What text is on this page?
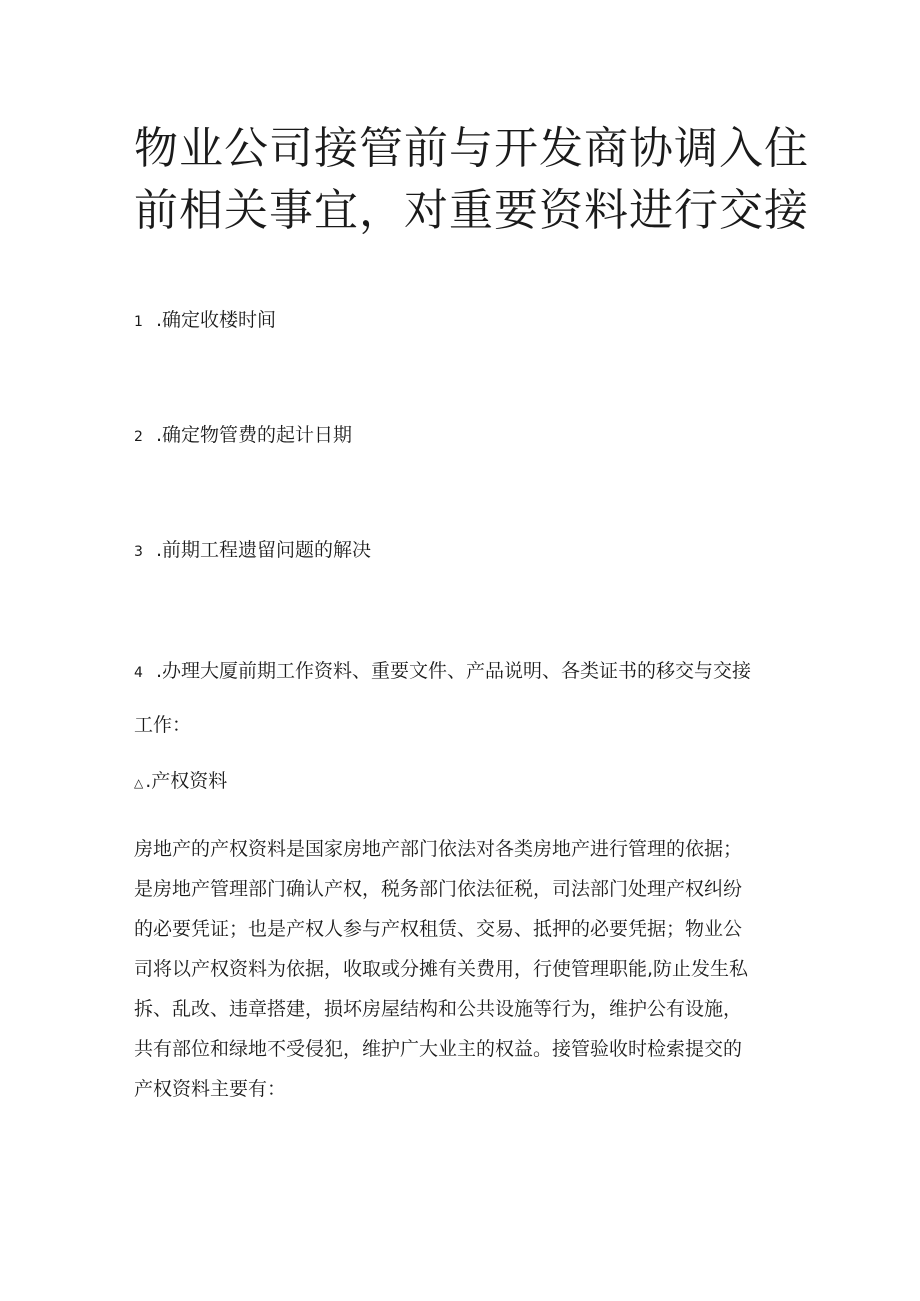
物业公司接管前与开发商协调入住
前相关事宜，对重要资料进行交接
1 .确定收楼时间
2 .确定物管费的起计日期
3 .前期工程遗留问题的解决
4 .办理大厦前期工作资料、重要文件、产品说明、各类证书的移交与交接
工作：
△ .产权资料
房地产的产权资料是国家房地产部门依法对各类房地产进行管理的依据；
是房地产管理部门确认产权，税务部门依法征税，司法部门处理产权纠纷
的必要凭证；也是产权人参与产权租赁、交易、抵押的必要凭据；物业公
司将以产权资料为依据，收取或分摊有关费用，行使管理职能,防止发生私
拆、乱改、违章搭建，损坏房屋结构和公共设施等行为，维护公有设施，
共有部位和绿地不受侵犯，维护广大业主的权益。接管验收时检索提交的
产权资料主要有：
